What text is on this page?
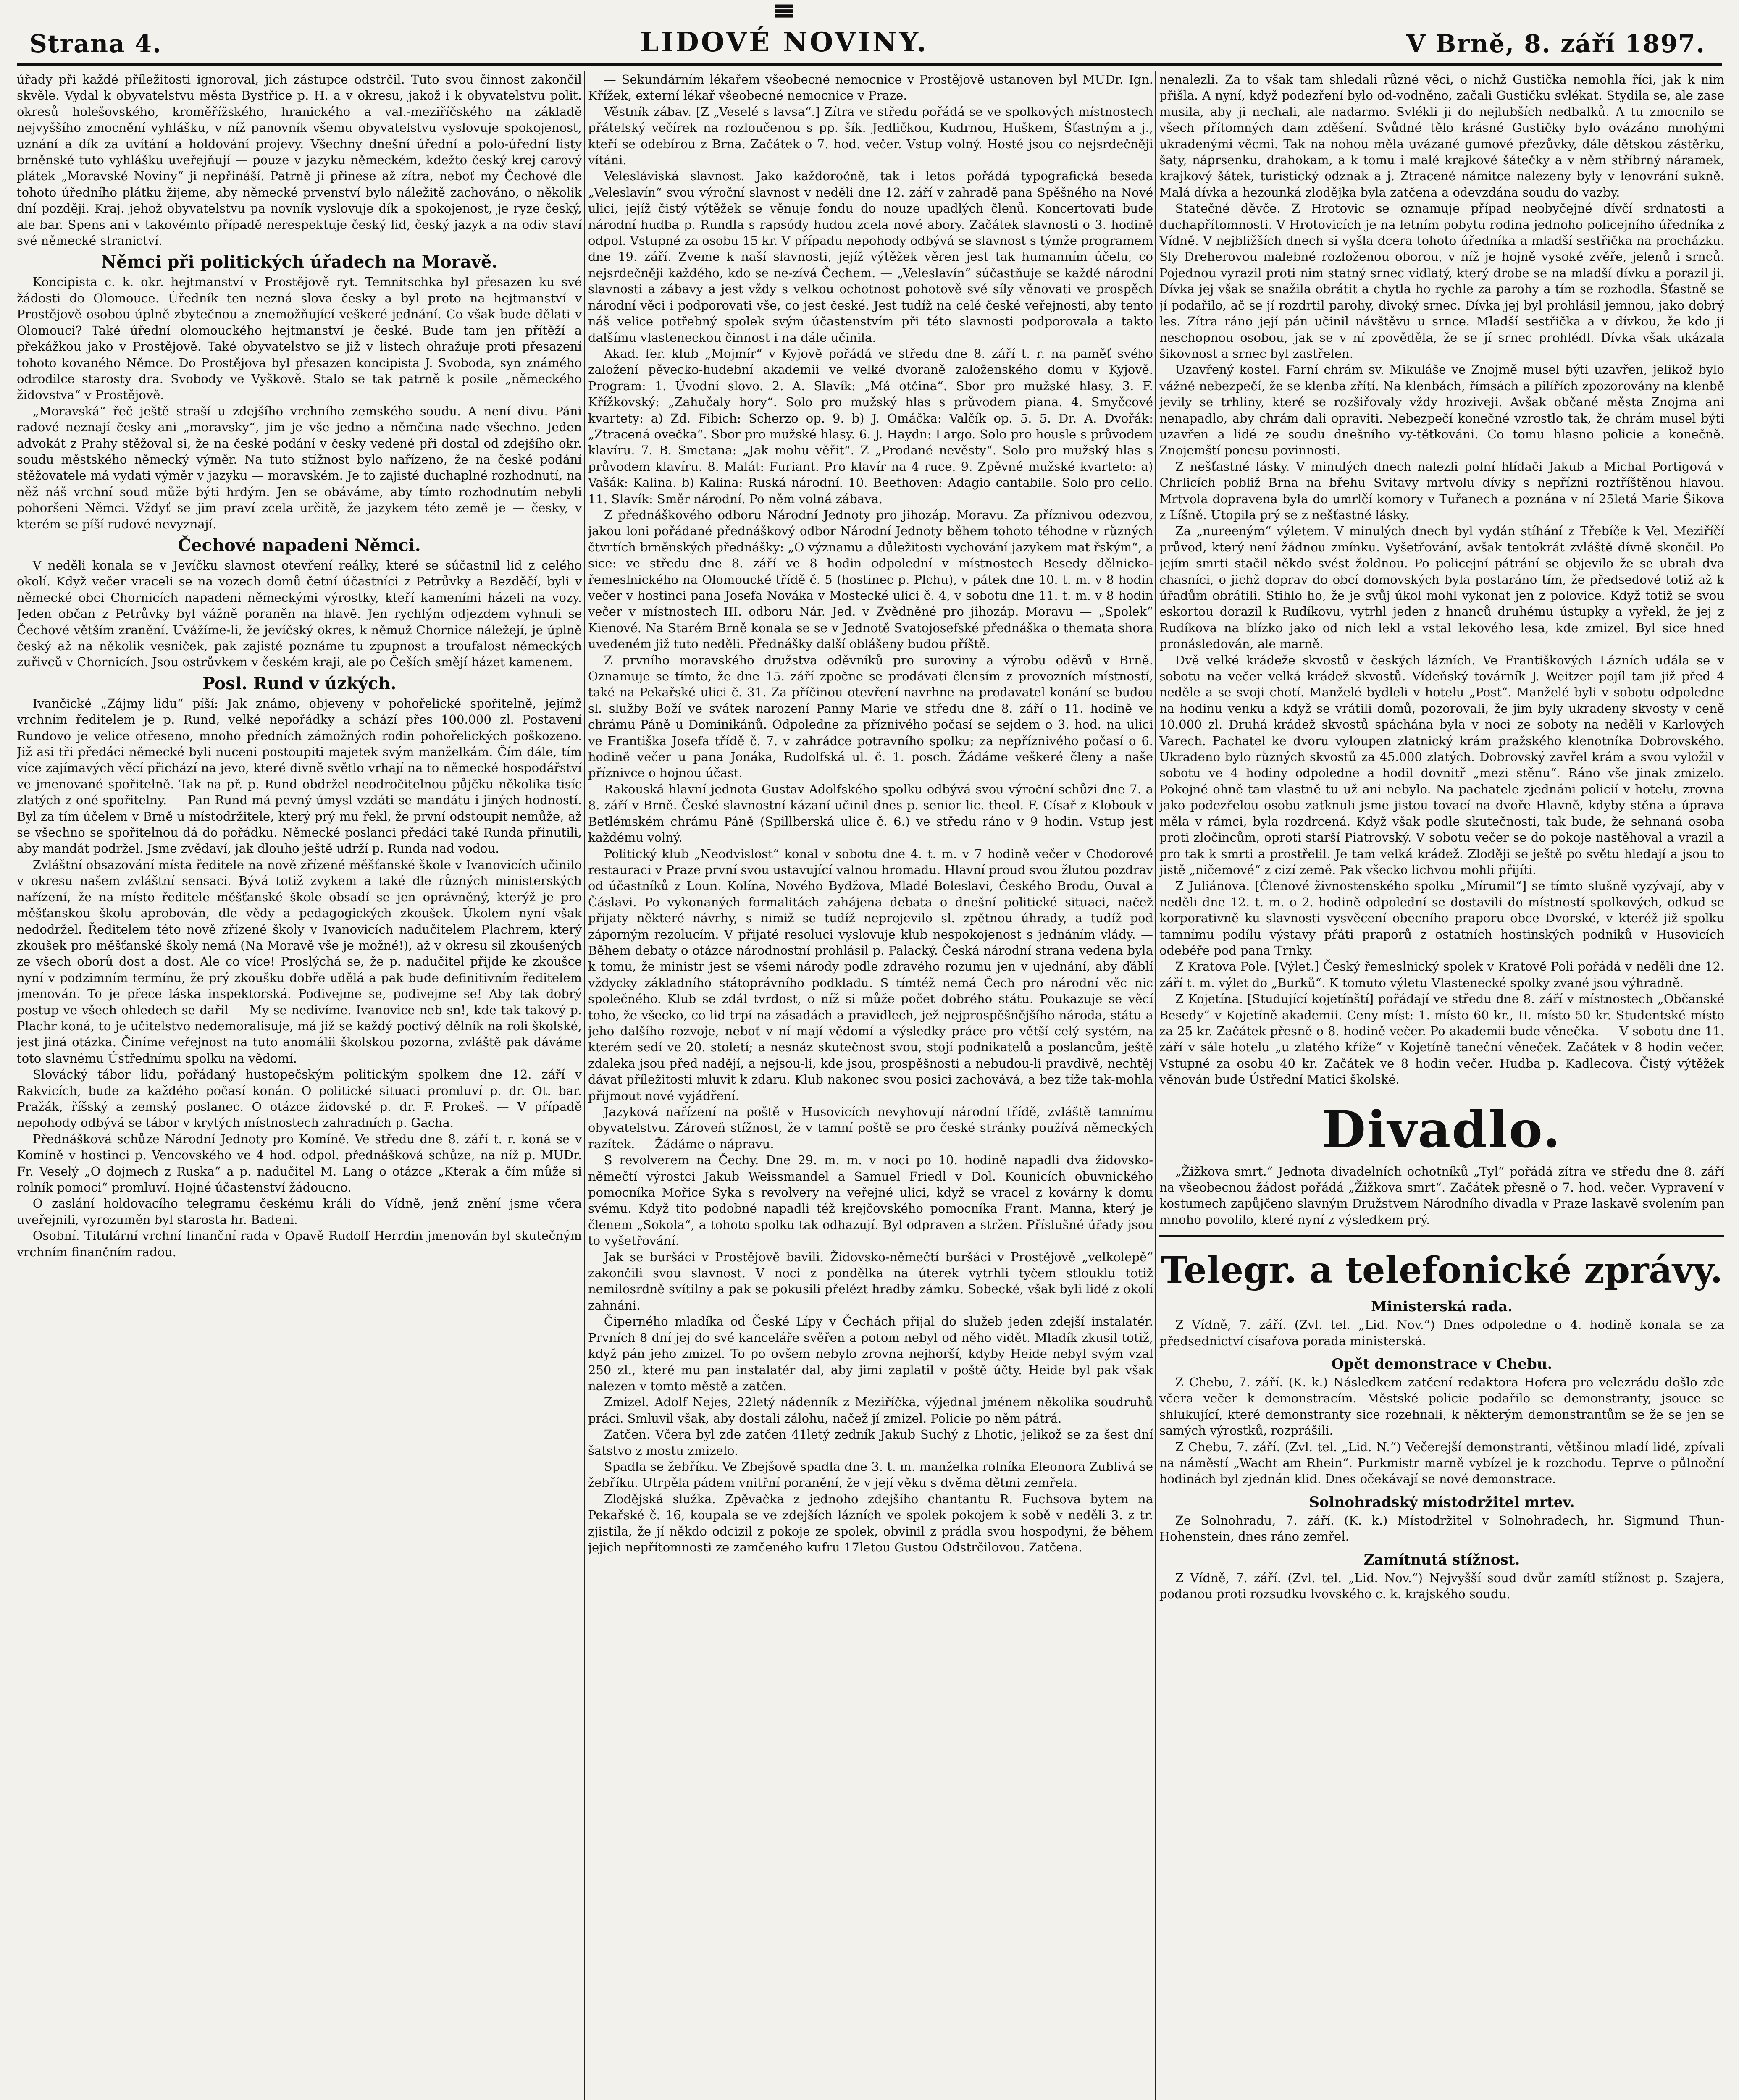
Strana 4.
≡
LIDOVÉ NOVINY.	V Brně, 8. září 1897.

úřady při každé příležitosti ignoroval, jich zástupce odstrčil. Tuto svou činnost zakončil skvěle. Vydal k obyvatelstvu města Bystřice p. H. a v okresu, jakož i k obyvatelstvu polit. okresů holešovského, kroměřížského, hranického a val.-meziříčského na základě nejvyššího zmocnění vyhlášku, v níž panovník všemu obyvatelstvu vyslovuje spokojenost, uznání a dík za uvítání a holdování projevy. Všechny dnešní úřední a polo-úřední listy brněnské tuto vyhlášku uveřejňují — pouze v jazyku německém, kdežto český krej carový plátek „Moravské Noviny“ ji nepřináší. Patrně ji přinese až zítra, neboť my Čechové dle tohoto úředního plátku žijeme, aby německé prvenství bylo náležitě zachováno, o několik dní později. Kraj. jehož obyvatelstvu pa novník vyslovuje dík a spokojenost, je ryze český, ale bar. Spens ani v takovémto případě nerespektuje český lid, český jazyk a na odiv staví své německé stranictví.

Němci při politických úřadech na Moravě.

Koncipista c. k. okr. hejtmanství v Prostějově ryt. Temnitschka byl přesazen ku své žádosti do Olomouce. Úředník ten nezná slova česky a byl proto na hejtmanství v Prostějově osobou úplně zbytečnou a znemožňující veškeré jednání. Co však bude dělati v Olomouci? Také úřední olomouckého hejtmanství je české. Bude tam jen přítěží a překážkou jako v Prostějově. Také obyvatelstvo se již v listech ohražuje proti přesazení tohoto kovaného Němce. Do Prostějova byl přesazen koncipista J. Svoboda, syn známého odrodilce starosty dra. Svobody ve Vyškově. Stalo se tak patrně k posile „německého židovstva“ v Prostějově.

„Moravská“ řeč ještě straší u zdejšího vrchního zemského soudu. A není divu. Páni radové neznají česky ani „moravsky“, jim je vše jedno a němčina nade všechno. Jeden advokát z Prahy stěžoval si, že na české podání v česky vedené při dostal od zdejšího okr. soudu městského německý výměr. Na tuto stížnost bylo nařízeno, že na české podání stěžovatele má vydati výměr v jazyku — moravském. Je to zajisté duchaplné rozhodnutí, na něž náš vrchní soud může býti hrdým. Jen se obáváme, aby tímto rozhodnutím nebyli pohoršeni Němci. Vždyť se jim praví zcela určitě, že jazykem této země je — česky, v kterém se píší rudové nevyznají.

Čechové napadeni Němci.

V neděli konala se v Jevíčku slavnost otevření reálky, které se súčastnil lid z celého okolí. Když večer vraceli se na vozech domů četní účastníci z Petrůvky a Bezděčí, byli v německé obci Chornicích napadeni německými výrostky, kteří kameními házeli na vozy. Jeden občan z Petrůvky byl vážně poraněn na hlavě. Jen rychlým odjezdem vyhnuli se Čechové větším zranění. Uvážíme-li, že jevíčský okres, k němuž Chornice náležejí, je úplně český až na několik vesniček, pak zajisté poznáme tu zpupnost a troufalost německých zuřivců v Chornicích. Jsou ostrůvkem v českém kraji, ale po Češích smějí házet kamenem.

Posl. Rund v úzkých.

Ivančické „Zájmy lidu“ píší: Jak známo, objeveny v pohořelické spořitelně, jejímž vrchním ředitelem je p. Rund, velké nepořádky a schází přes 100.000 zl. Postavení Rundovo je velice otřeseno, mnoho předních zámožných rodin pohořelických poškozeno. Již asi tři předáci německé byli nuceni postoupiti majetek svým manželkám. Čím dále, tím více zajímavých věcí přichází na jevo, které divně světlo vrhají na to německé hospodářství ve jmenované spořitelně. Tak na př. p. Rund obdržel neodročitelnou půjčku několika tisíc zlatých z oné spořitelny. — Pan Rund má pevný úmysl vzdáti se mandátu i jiných hodností. Byl za tím účelem v Brně u místodržitele, který prý mu řekl, že první odstoupit nemůže, až se všechno se spořitelnou dá do pořádku. Německé poslanci předáci také Runda přinutili, aby mandát podržel. Jsme zvědaví, jak dlouho ještě udrží p. Runda nad vodou.

Zvláštní obsazování místa ředitele na nově zřízené měšťanské škole v Ivanovicích učinilo v okresu našem zvláštní sensaci. Bývá totiž zvykem a také dle různých ministerských nařízení, že na místo ředitele měšťanské škole obsadí se jen oprávněný, kterýž je pro měšťanskou školu aprobován, dle vědy a pedagogických zkoušek. Úkolem nyní však nedodržel. Ředitelem této nově zřízené školy v Ivanovicích nadučitelem Plachrem, který zkoušek pro měšťanské školy nemá (Na Moravě vše je možné!), až v okresu sil zkoušených ze všech oborů dost a dost. Ale co více! Proslýchá se, že p. nadučitel přijde ke zkoušce nyní v podzimním termínu, že prý zkoušku dobře udělá a pak bude definitivním ředitelem jmenován. To je přece láska inspektorská. Podivejme se, podivejme se! Aby tak dobrý postup ve všech ohledech se dařil — My se nedivíme. Ivanovice neb sn!, kde tak takový p. Plachr koná, to je učitelstvo nedemoralisuje, má již se každý poctivý dělník na roli školské, jest jiná otázka. Činíme veřejnost na tuto anomálii školskou pozorna, zvláště pak dáváme toto slavnému Ústřednímu spolku na vědomí.

Slovácký tábor lidu, pořádaný hustopečským politickým spolkem dne 12. září v Rakvicích, bude za každého počasí konán. O politické situaci promluví p. dr. Ot. bar. Pražák, říšský a zemský poslanec. O otázce židovské p. dr. F. Prokeš. — V případě nepohody odbývá se tábor v krytých místnostech zahradních p. Gacha.

Přednášková schůze Národní Jednoty pro Komíně. Ve středu dne 8. září t. r. koná se v Komíně v hostinci p. Vencovského ve 4 hod. odpol. přednášková schůze, na níž p. MUDr. Fr. Veselý „O dojmech z Ruska“ a p. nadučitel M. Lang o otázce „Kterak a čím může si rolník pomoci“ promluví. Hojné účastenství žádoucno.

O zaslání holdovacího telegramu českému králi do Vídně, jenž znění jsme včera uveřejnili, vyrozuměn byl starosta hr. Badeni.

Osobní. Titulární vrchní finanční rada v Opavě Rudolf Herrdin jmenován byl skutečným vrchním finančním radou.

— Sekundárním lékařem všeobecné nemocnice v Prostějově ustanoven byl MUDr. Ign. Křížek, externí lékař všeobecné nemocnice v Praze.

Věstník zábav. [Z „Veselé s lavsa“.] Zítra ve středu pořádá se ve spolkových místnostech přátelský večírek na rozloučenou s pp. šík. Jedličkou, Kudrnou, Huškem, Šťastným a j., kteří se odebírou z Brna. Začátek o 7. hod. večer. Vstup volný. Hosté jsou co nejsrdečněji vítáni.

Velesláviská slavnost. Jako každoročně, tak i letos pořádá typografická beseda „Veleslavín“ svou výroční slavnost v neděli dne 12. září v zahradě pana Spěšného na Nové ulici, jejíž čistý výtěžek se věnuje fondu do nouze upadlých členů. Koncertovati bude národní hudba p. Rundla s rapsódy hudou zcela nové abory. Začátek slavnosti o 3. hodině odpol. Vstupné za osobu 15 kr. V případu nepohody odbývá se slavnost s týmže programem dne 19. září. Zveme k naší slavnosti, jejíž výtěžek věren jest tak humanním účelu, co nejsrdečněji každého, kdo se ne-zívá Čechem. — „Veleslavín“ súčastňuje se každé národní slavnosti a zábavy a jest vždy s velkou ochotnost pohotově své síly věnovati ve prospěch národní věci i podporovati vše, co jest české. Jest tudíž na celé české veřejnosti, aby tento náš velice potřebný spolek svým účastenstvím při této slavnosti podporovala a takto dalšímu vlasteneckou činnost i na dále učinila.

Akad. fer. klub „Mojmír“ v Kyjově pořádá ve středu dne 8. září t. r. na paměť svého založení pěvecko-hudební akademii ve velké dvoraně založenského domu v Kyjově. Program: 1. Úvodní slovo. 2. A. Slavík: „Má otčina“. Sbor pro mužské hlasy. 3. F. Křížkovský: „Zahučaly hory“. Solo pro mužský hlas s průvodem piana. 4. Smyčcové kvartety: a) Zd. Fibich: Scherzo op. 9. b) J. Omáčka: Valčík op. 5. 5. Dr. A. Dvořák: „Ztracená ovečka“. Sbor pro mužské hlasy. 6. J. Haydn: Largo. Solo pro housle s průvodem klavíru. 7. B. Smetana: „Jak mohu věřit“. Z „Prodané nevěsty“. Solo pro mužský hlas s průvodem klavíru. 8. Malát: Furiant. Pro klavír na 4 ruce. 9. Zpěvné mužské kvarteto: a) Vašák: Kalina. b) Kalina: Ruská národní. 10. Beethoven: Adagio cantabile. Solo pro cello. 11. Slavík: Směr národní. Po něm volná zábava.

Z přednáškového odboru Národní Jednoty pro jihozáp. Moravu. Za příznivou odezvou, jakou loni pořádané přednáškový odbor Národní Jednoty během tohoto téhodne v různých čtvrtích brněnských přednášky: „O významu a důležitosti vychování jazykem mat řským“, a sice: ve středu dne 8. září ve 8 hodin odpolední v místnostech Besedy dělnicko-řemeslnického na Olomoucké třídě č. 5 (hostinec p. Plchu), v pátek dne 10. t. m. v 8 hodin večer v hostinci pana Josefa Nováka v Mostecké ulici č. 4, v sobotu dne 11. t. m. v 8 hodin večer v místnostech III. odboru Nár. Jed. v Zvědněné pro jihozáp. Moravu — „Spolek“ Kienové. Na Starém Brně konala se se v Jednotě Svatojosefské přednáška o themata shora uvedeném již tuto neděli. Přednášky další oblášeny budou příště.

Z prvního moravského družstva oděvníků pro suroviny a výrobu oděvů v Brně. Oznamuje se tímto, že dne 15. září zpočne se prodávati člensím z provozních místností, také na Pekařské ulici č. 31. Za příčinou otevření navrhne na prodavatel konání se budou sl. služby Boží ve svátek narození Panny Marie ve středu dne 8. září o 11. hodině ve chrámu Páně u Dominikánů. Odpoledne za příznivého počasí se sejdem o 3. hod. na ulici ve Františka Josefa třídě č. 7. v zahrádce potravního spolku; za nepříznivého počasí o 6. hodině večer u pana Jonáka, Rudolfská ul. č. 1. posch. Žádáme veškeré členy a naše příznivce o hojnou účast.

Rakouská hlavní jednota Gustav Adolfského spolku odbývá svou výroční schůzi dne 7. a 8. září v Brně. České slavnostní kázaní učinil dnes p. senior lic. theol. F. Císař z Klobouk v Betlémském chrámu Páně (Spillberská ulice č. 6.) ve středu ráno v 9 hodin. Vstup jest každému volný.

Politický klub „Neodvislost“ konal v sobotu dne 4. t. m. v 7 hodině večer v Chodorové restauraci v Praze první svou ustavující valnou hromadu. Hlavní proud svou žlutou pozdrav od účastníků z Loun. Kolína, Nového Bydžova, Mladé Boleslavi, Českého Brodu, Ouval a Čáslavi. Po vykonaných formalitách zahájena debata o dnešní politické situaci, načež přijaty některé návrhy, s nimiž se tudíž neprojevilo sl. zpětnou úhrady, a tudíž pod záporným rezolucím. V přijaté resoluci vyslovuje klub nespokojenost s jednáním vlády. — Během debaty o otázce národnostní prohlásil p. Palacký. Česká národní strana vedena byla k tomu, že ministr jest se všemi národy podle zdravého rozumu jen v ujednání, aby ďáblí vždycky základního státoprávního podkladu. S tímtéž nemá Čech pro národní věc nic společného. Klub se zdál tvrdost, o níž si může počet dobrého státu. Poukazuje se věcí toho, že všecko, co lid trpí na zásadách a pravidlech, jež nejprospěšnějšího národa, státu a jeho dalšího rozvoje, neboť v ní mají vědomí a výsledky práce pro větší celý systém, na kterém sedí ve 20. století; a nesnáz skutečnost svou, stojí podnikatelů a poslancům, ještě zdaleka jsou před nadějí, a nejsou-li, kde jsou, prospěšnosti a nebudou-li pravdivě, nechtěj dávat příležitosti mluvit k zdaru. Klub nakonec svou posici zachovává, a bez tíže tak-mohla přijmout nové vyjádření.

Jazyková nařízení na poště v Husovicích nevyhovují národní třídě, zvláště tamnímu obyvatelstvu. Zároveň stížnost, že v tamní poště se pro české stránky používá německých razítek. — Žádáme o nápravu.

S revolverem na Čechy. Dne 29. m. m. v noci po 10. hodině napadli dva židovsko-němečtí výrostci Jakub Weissmandel a Samuel Friedl v Dol. Kounicích obuvnického pomocníka Mořice Syka s revolvery na veřejné ulici, když se vracel z kovárny k domu svému. Když tito podobné napadli též krejčovského pomocníka Frant. Manna, který je členem „Sokola“, a tohoto spolku tak odhazují. Byl odpraven a stržen. Příslušné úřady jsou to vyšetřování.

Jak se buršáci v Prostějově bavili. Židovsko-němečtí buršáci v Prostějově „velkolepě“ zakončili svou slavnost. V noci z pondělka na úterek vytrhli tyčem stlouklu totiž nemilosrdně svítilny a pak se pokusili přelézt hradby zámku. Sobecké, však byli lidé z okolí zahnáni.

Čiperného mladíka od České Lípy v Čechách přijal do služeb jeden zdejší instalatér. Prvních 8 dní jej do své kanceláře svěřen a potom nebyl od něho vidět. Mladík zkusil totiž, když pán jeho zmizel. To po ovšem nebylo zrovna nejhorší, kdyby Heide nebyl svým vzal 250 zl., které mu pan instalatér dal, aby jimi zaplatil v poště účty. Heide byl pak však nalezen v tomto městě a zatčen.

Zmizel. Adolf Nejes, 22letý nádenník z Meziříčka, výjednal jménem několika soudruhů práci. Smluvil však, aby dostali zálohu, načež jí zmizel. Policie po něm pátrá.

Zatčen. Včera byl zde zatčen 41letý zedník Jakub Suchý z Lhotic, jelikož se za šest dní šatstvo z mostu zmizelo.

Spadla se žebříku. Ve Zbejšově spadla dne 3. t. m. manželka rolníka Eleonora Zublivá se žebříku. Utrpěla pádem vnitřní poranění, že v její věku s dvěma dětmi zemřela.

Zlodějská služka. Zpěvačka z jednoho zdejšího chantantu R. Fuchsova bytem na Pekařské č. 16, koupala se ve zdejších lázních ve spolek pokojem k sobě v neděli 3. z tr. zjistila, že jí někdo odcizil z pokoje ze spolek, obvinil z prádla svou hospodyni, že během jejich nepřítomnosti ze zamčeného kufru 17letou Gustou Odstrčilovou. Zatčena.

nenalezli. Za to však tam shledali různé věci, o nichž Gustička nemohla říci, jak k nim přišla. A nyní, když podezření bylo od-vodněno, začali Gustičku svlékat. Stydila se, ale zase musila, aby ji nechali, ale nadarmo. Svlékli ji do nejlubších nedbalků. A tu zmocnilo se všech přítomných dam zděšení. Svůdné tělo krásné Gustičky bylo ovázáno mnohými ukradenými věcmi. Tak na nohou měla uvázané gumové přezůvky, dále dětskou zástěrku, šaty, náprsenku, drahokam, a k tomu i malé krajkové šátečky a v něm stříbrný náramek, krajkový šátek, turistický odznak a j. Ztracené námitce nalezeny byly v lenovrání sukně. Malá dívka a hezounká zlodějka byla zatčena a odevzdána soudu do vazby.

Statečné děvče. Z Hrotovic se oznamuje případ neobyčejné dívčí srdnatosti a duchapřítomnosti. V Hrotovicích je na letním pobytu rodina jednoho policejního úředníka z Vídně. V nejbližších dnech si vyšla dcera tohoto úředníka a mladší sestřička na procházku. Sly Dreherovou malebné rozloženou oborou, v níž je hojně vysoké zvěře, jelenů i srnců. Pojednou vyrazil proti nim statný srnec vidlatý, který drobe se na mladší dívku a porazil ji. Dívka jej však se snažila obrátit a chytla ho rychle za parohy a tím se rozhodla. Šťastně se jí podařilo, ač se jí rozdrtil parohy, divoký srnec. Dívka jej byl prohlásil jemnou, jako dobrý les. Zítra ráno její pán učinil návštěvu u srnce. Mladší sestřička a v dívkou, že kdo ji neschopnou osobou, jak se v ní zpověděla, že se jí srnec prohlédl. Dívka však ukázala šikovnost a srnec byl zastřelen.

Uzavřený kostel. Farní chrám sv. Mikuláše ve Znojmě musel býti uzavřen, jelikož bylo vážné nebezpečí, že se klenba zřítí. Na klenbách, římsách a pilířích zpozorovány na klenbě jevily se trhliny, které se rozšiřovaly vždy hroziveji. Avšak občané města Znojma ani nenapadlo, aby chrám dali opraviti. Nebezpečí konečné vzrostlo tak, že chrám musel býti uzavřen a lidé ze soudu dnešního vy-tětkováni. Co tomu hlasno policie a konečně. Znojemští ponesu povinnosti.

Z nešťastné lásky. V minulých dnech nalezli polní hlídači Jakub a Michal Portigová v Chrlicích pobliž Brna na břehu Svitavy mrtvolu dívky s nepřízni roztříštěnou hlavou. Mrtvola dopravena byla do umrlčí komory v Tuřanech a poznána v ní 25letá Marie Šikova z Líšně. Utopila prý se z nešťastné lásky.

Za „nureeným“ výletem. V minulých dnech byl vydán stíhání z Třebíče k Vel. Meziříčí průvod, který není žádnou zmínku. Vyšetřování, avšak tentokrát zvláště dívně skončil. Po jejím smrti stačil někdo svést žoldnou. Po policejní pátrání se objevilo že se ubrali dva chasníci, o jichž doprav do obcí domovských byla postaráno tím, že předsedové totiž až k úřadům obrátili. Stihlo ho, že je svůj úkol mohl vykonat jen z polovice. Když totiž se svou eskortou dorazil k Rudíkovu, vytrhl jeden z hnanců druhému ústupky a vyřekl, že jej z Rudíkova na blízko jako od nich lekl a vstal lekového lesa, kde zmizel. Byl sice hned pronásledován, ale marně.

Dvě velké krádeže skvostů v českých lázních. Ve Františkových Lázních udála se v sobotu na večer velká krádež skvostů. Vídeňský továrník J. Weitzer pojíl tam již před 4 neděle a se svoji chotí. Manželé bydleli v hotelu „Post“. Manželé byli v sobotu odpoledne na hodinu venku a když se vrátili domů, pozorovali, že jim byly ukradeny skvosty v ceně 10.000 zl. Druhá krádež skvostů spáchána byla v noci ze soboty na neděli v Karlových Varech. Pachatel ke dvoru vyloupen zlatnický krám pražského klenotníka Dobrovského. Ukradeno bylo různých skvostů za 45.000 zlatých. Dobrovský zavřel krám a svou vyložil v sobotu ve 4 hodiny odpoledne a hodil dovnitř „mezi stěnu“. Ráno vše jinak zmizelo. Pokojné ohně tam vlastně tu už ani nebylo. Na pachatele zjednáni policií v hotelu, zrovna jako podezřelou osobu zatknuli jsme jistou tovací na dvoře Hlavně, kdyby stěna a úprava měla v rámci, byla rozdrcená. Když však podle skutečnosti, tak bude, že sehnaná osoba proti zločincům, oproti starší Piatrovský. V sobotu večer se do pokoje nastěhoval a vrazil a pro tak k smrti a prostřelil. Je tam velká krádež. Zloději se ještě po světu hledají a jsou to jistě „ničemové“ z cizí země. Pak všecko lichvou mohli přijíti.

Z Juliánova. [Členové živnostenského spolku „Mírumil“] se tímto slušně vyzývají, aby v neděli dne 12. t. m. o 2. hodině odpolední se dostavili do místností spolkových, odkud se korporativně ku slavnosti vysvěcení obecního praporu obce Dvorské, v kteréž již spolku tamnímu podílu výstavy přáti praporů z ostatních hostinských podniků v Husovicích odebéře pod pana Trnky.

Z Kratova Pole. [Výlet.] Český řemeslnický spolek v Kratově Poli pořádá v neděli dne 12. září t. m. výlet do „Burků“. K tomuto výletu Vlastenecké spolky zvané jsou výhradně.

Z Kojetína. [Studující kojetínští] pořádají ve středu dne 8. září v místnostech „Občanské Besedy“ v Kojetíně akademii. Ceny míst: 1. místo 60 kr., II. místo 50 kr. Studentské místo za 25 kr. Začátek přesně o 8. hodině večer. Po akademii bude věnečka. — V sobotu dne 11. září v sále hotelu „u zlatého kříže“ v Kojetíně taneční věneček. Začátek v 8 hodin večer. Vstupné za osobu 40 kr. Začátek ve 8 hodin večer. Hudba p. Kadlecova. Čistý výtěžek věnován bude Ústřední Matici školské.

Divadlo.

„Žižkova smrt.“ Jednota divadelních ochotníků „Tyl“ pořádá zítra ve středu dne 8. září na všeobecnou žádost pořádá „Žižkova smrt“. Začátek přesně o 7. hod. večer. Vypravení v kostumech zapůjčeno slavným Družstvem Národního divadla v Praze laskavě svolením pan mnoho povolilo, které nyní z výsledkem prý.

Telegr. a telefonické zprávy.
Ministerská rada.

Z Vídně, 7. září. (Zvl. tel. „Lid. Nov.“) Dnes odpoledne o 4. hodině konala se za předsednictví císařova porada ministerská.

Opět demonstrace v Chebu.

Z Chebu, 7. září. (K. k.) Následkem zatčení redaktora Hofera pro velezrádu došlo zde včera večer k demonstracím. Městské policie podařilo se demonstranty, jsouce se shlukující, které demonstranty sice rozehnali, k některým demonstrantům se že se jen se samých výrostků, rozprášili.

Z Chebu, 7. září. (Zvl. tel. „Lid. N.“) Večerejší demonstranti, většinou mladí lidé, zpívali na náměstí „Wacht am Rhein“. Purkmistr marně vybízel je k rozchodu. Teprve o půlnoční hodinách byl zjednán klid. Dnes očekávají se nové demonstrace.

Solnohradský místodržitel mrtev.

Ze Solnohradu, 7. září. (K. k.) Místodržitel v Solnohradech, hr. Sigmund Thun-Hohenstein, dnes ráno zemřel.

Zamítnutá stížnost.

Z Vídně, 7. září. (Zvl. tel. „Lid. Nov.“) Nejvyšší soud dvůr zamítl stížnost p. Szajera, podanou proti rozsudku lvovského c. k. krajského soudu.
